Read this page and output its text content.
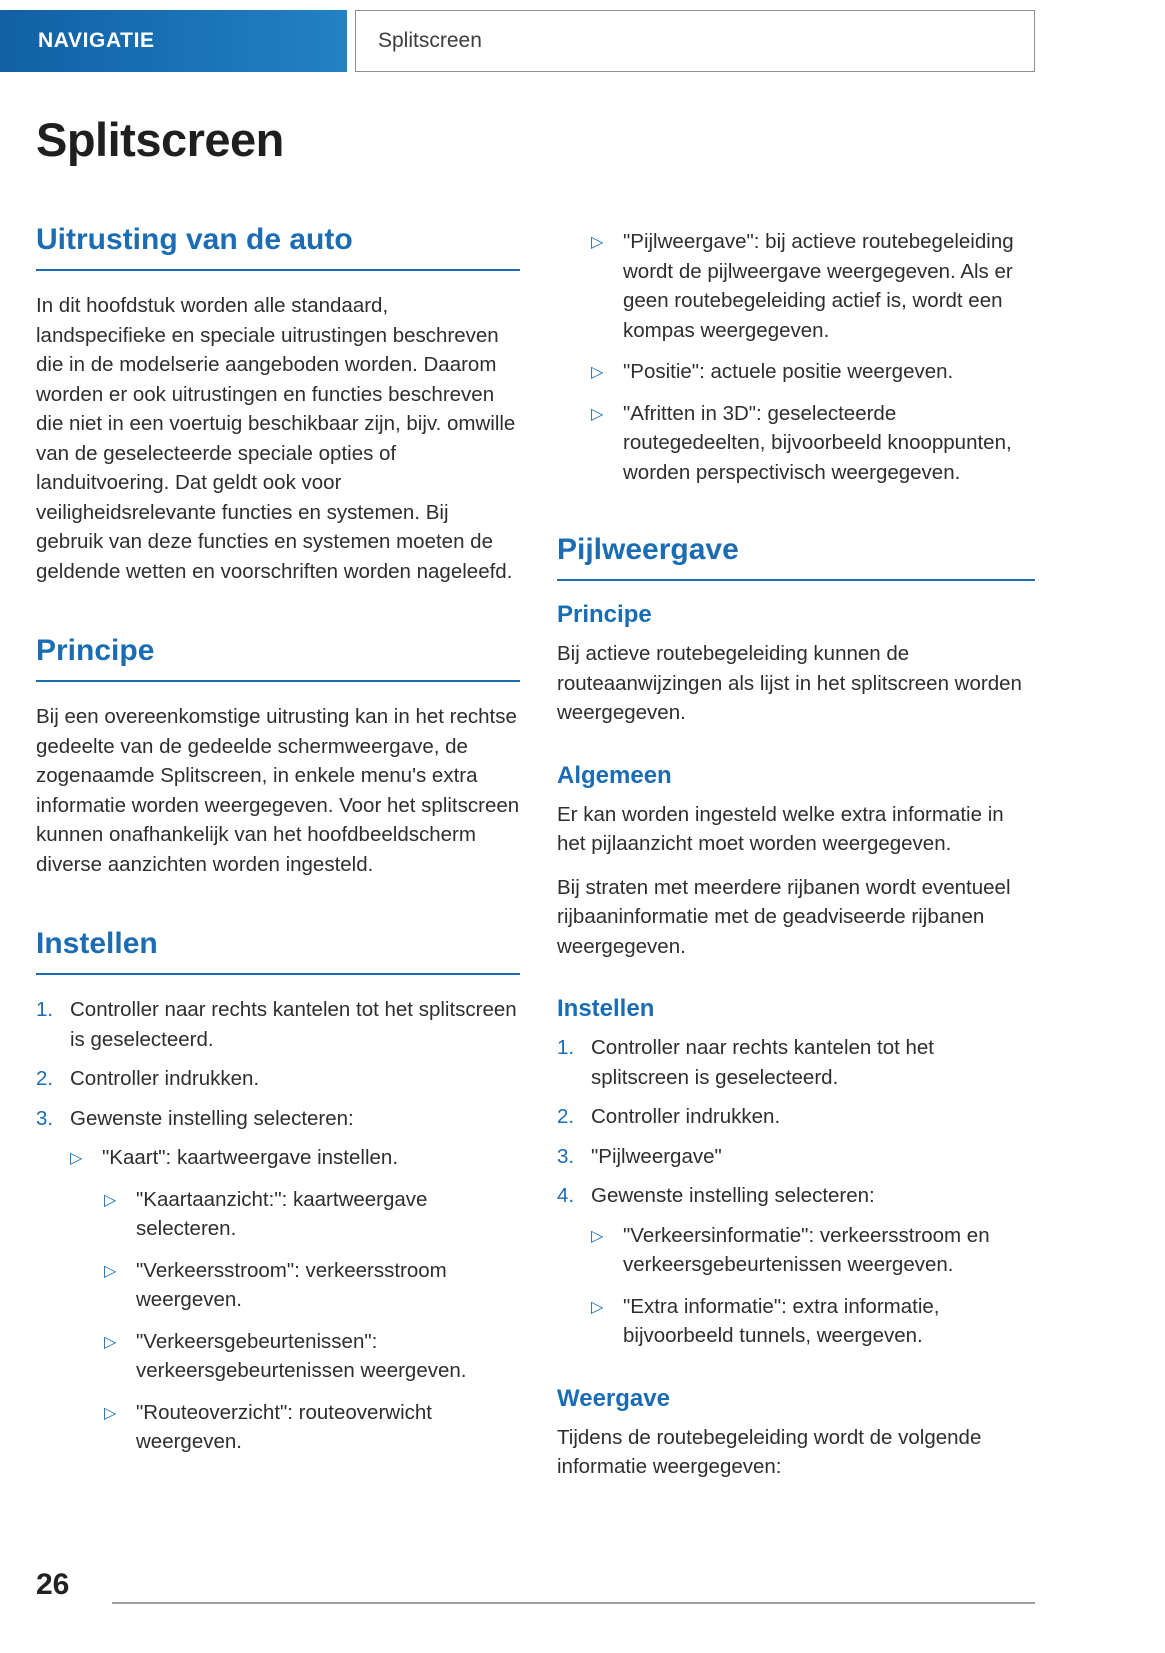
NAVIGATIE	Splitscreen
Splitscreen
Uitrusting van de auto

In dit hoofdstuk worden alle standaard, landspecifieke en speciale uitrustingen beschreven die in de modelserie aangeboden worden. Daarom worden er ook uitrustingen en functies beschreven die niet in een voertuig beschikbaar zijn, bijv. omwille van de geselecteerde speciale opties of landuitvoering. Dat geldt ook voor veiligheidsrelevante functies en systemen. Bij gebruik van deze functies en systemen moeten de geldende wetten en voorschriften worden nageleefd.

Principe

Bij een overeenkomstige uitrusting kan in het rechtse gedeelte van de gedeelde schermweergave, de zogenaamde Splitscreen, in enkele menu's extra informatie worden weergegeven. Voor het splitscreen kunnen onafhankelijk van het hoofdbeeldscherm diverse aanzichten worden ingesteld.

Instellen
1. Controller naar rechts kantelen tot het splitscreen is geselecteerd.
2. Controller indrukken.
3. Gewenste instelling selecteren:
▷ "Kaart": kaartweergave instellen.
▷ "Kaartaanzicht:": kaartweergave selecteren.
▷ "Verkeersstroom": verkeersstroom weergeven.
▷ "Verkeersgebeurtenissen": verkeersgebeurtenissen weergeven.
▷ "Routeoverzicht": routeoverwicht weergeven.
▷ "Pijlweergave": bij actieve routebegeleiding wordt de pijlweergave weergegeven. Als er geen routebegeleiding actief is, wordt een kompas weergegeven.
▷ "Positie": actuele positie weergeven.
▷ "Afritten in 3D": geselecteerde routegedeelten, bijvoorbeeld knooppunten, worden perspectivisch weergegeven.
Pijlweergave
Principe

Bij actieve routebegeleiding kunnen de routeaanwijzingen als lijst in het splitscreen worden weergegeven.

Algemeen

Er kan worden ingesteld welke extra informatie in het pijlaanzicht moet worden weergegeven.

Bij straten met meerdere rijbanen wordt eventueel rijbaaninformatie met de geadviseerde rijbanen weergegeven.

Instellen
1. Controller naar rechts kantelen tot het splitscreen is geselecteerd.
2. Controller indrukken.
3. "Pijlweergave"
4. Gewenste instelling selecteren:
▷ "Verkeersinformatie": verkeersstroom en verkeersgebeurtenissen weergeven.
▷ "Extra informatie": extra informatie, bijvoorbeeld tunnels, weergeven.
Weergave

Tijdens de routebegeleiding wordt de volgende informatie weergegeven:

26
